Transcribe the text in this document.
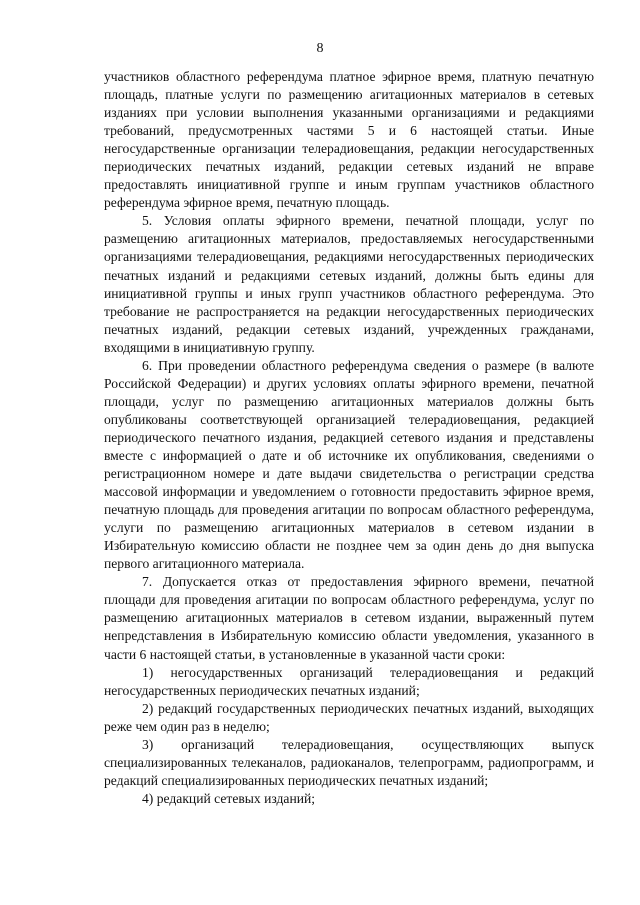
8

участников областного референдума платное эфирное время, платную печатную площадь, платные услуги по размещению агитационных материалов в сетевых изданиях при условии выполнения указанными организациями и редакциями требований, предусмотренных частями 5 и 6 настоящей статьи. Иные негосударственные организации телерадиовещания, редакции негосударственных периодических печатных изданий, редакции сетевых изданий не вправе предоставлять инициативной группе и иным группам участников областного референдума эфирное время, печатную площадь.

5. Условия оплаты эфирного времени, печатной площади, услуг по размещению агитационных материалов, предоставляемых негосударственными организациями телерадиовещания, редакциями негосударственных периодических печатных изданий и редакциями сетевых изданий, должны быть едины для инициативной группы и иных групп участников областного референдума. Это требование не распространяется на редакции негосударственных периодических печатных изданий, редакции сетевых изданий, учрежденных гражданами, входящими в инициативную группу.

6. При проведении областного референдума сведения о размере (в валюте Российской Федерации) и других условиях оплаты эфирного времени, печатной площади, услуг по размещению агитационных материалов должны быть опубликованы соответствующей организацией телерадиовещания, редакцией периодического печатного издания, редакцией сетевого издания и представлены вместе с информацией о дате и об источнике их опубликования, сведениями о регистрационном номере и дате выдачи свидетельства о регистрации средства массовой информации и уведомлением о готовности предоставить эфирное время, печатную площадь для проведения агитации по вопросам областного референдума, услуги по размещению агитационных материалов в сетевом издании в Избирательную комиссию области не позднее чем за один день до дня выпуска первого агитационного материала.

7. Допускается отказ от предоставления эфирного времени, печатной площади для проведения агитации по вопросам областного референдума, услуг по размещению агитационных материалов в сетевом издании, выраженный путем непредставления в Избирательную комиссию области уведомления, указанного в части 6 настоящей статьи, в установленные в указанной части сроки:

1) негосударственных организаций телерадиовещания и редакций негосударственных периодических печатных изданий;

2) редакций государственных периодических печатных изданий, выходящих реже чем один раз в неделю;

3) организаций телерадиовещания, осуществляющих выпуск специализированных телеканалов, радиоканалов, телепрограмм, радиопрограмм, и редакций специализированных периодических печатных изданий;

4) редакций сетевых изданий;
